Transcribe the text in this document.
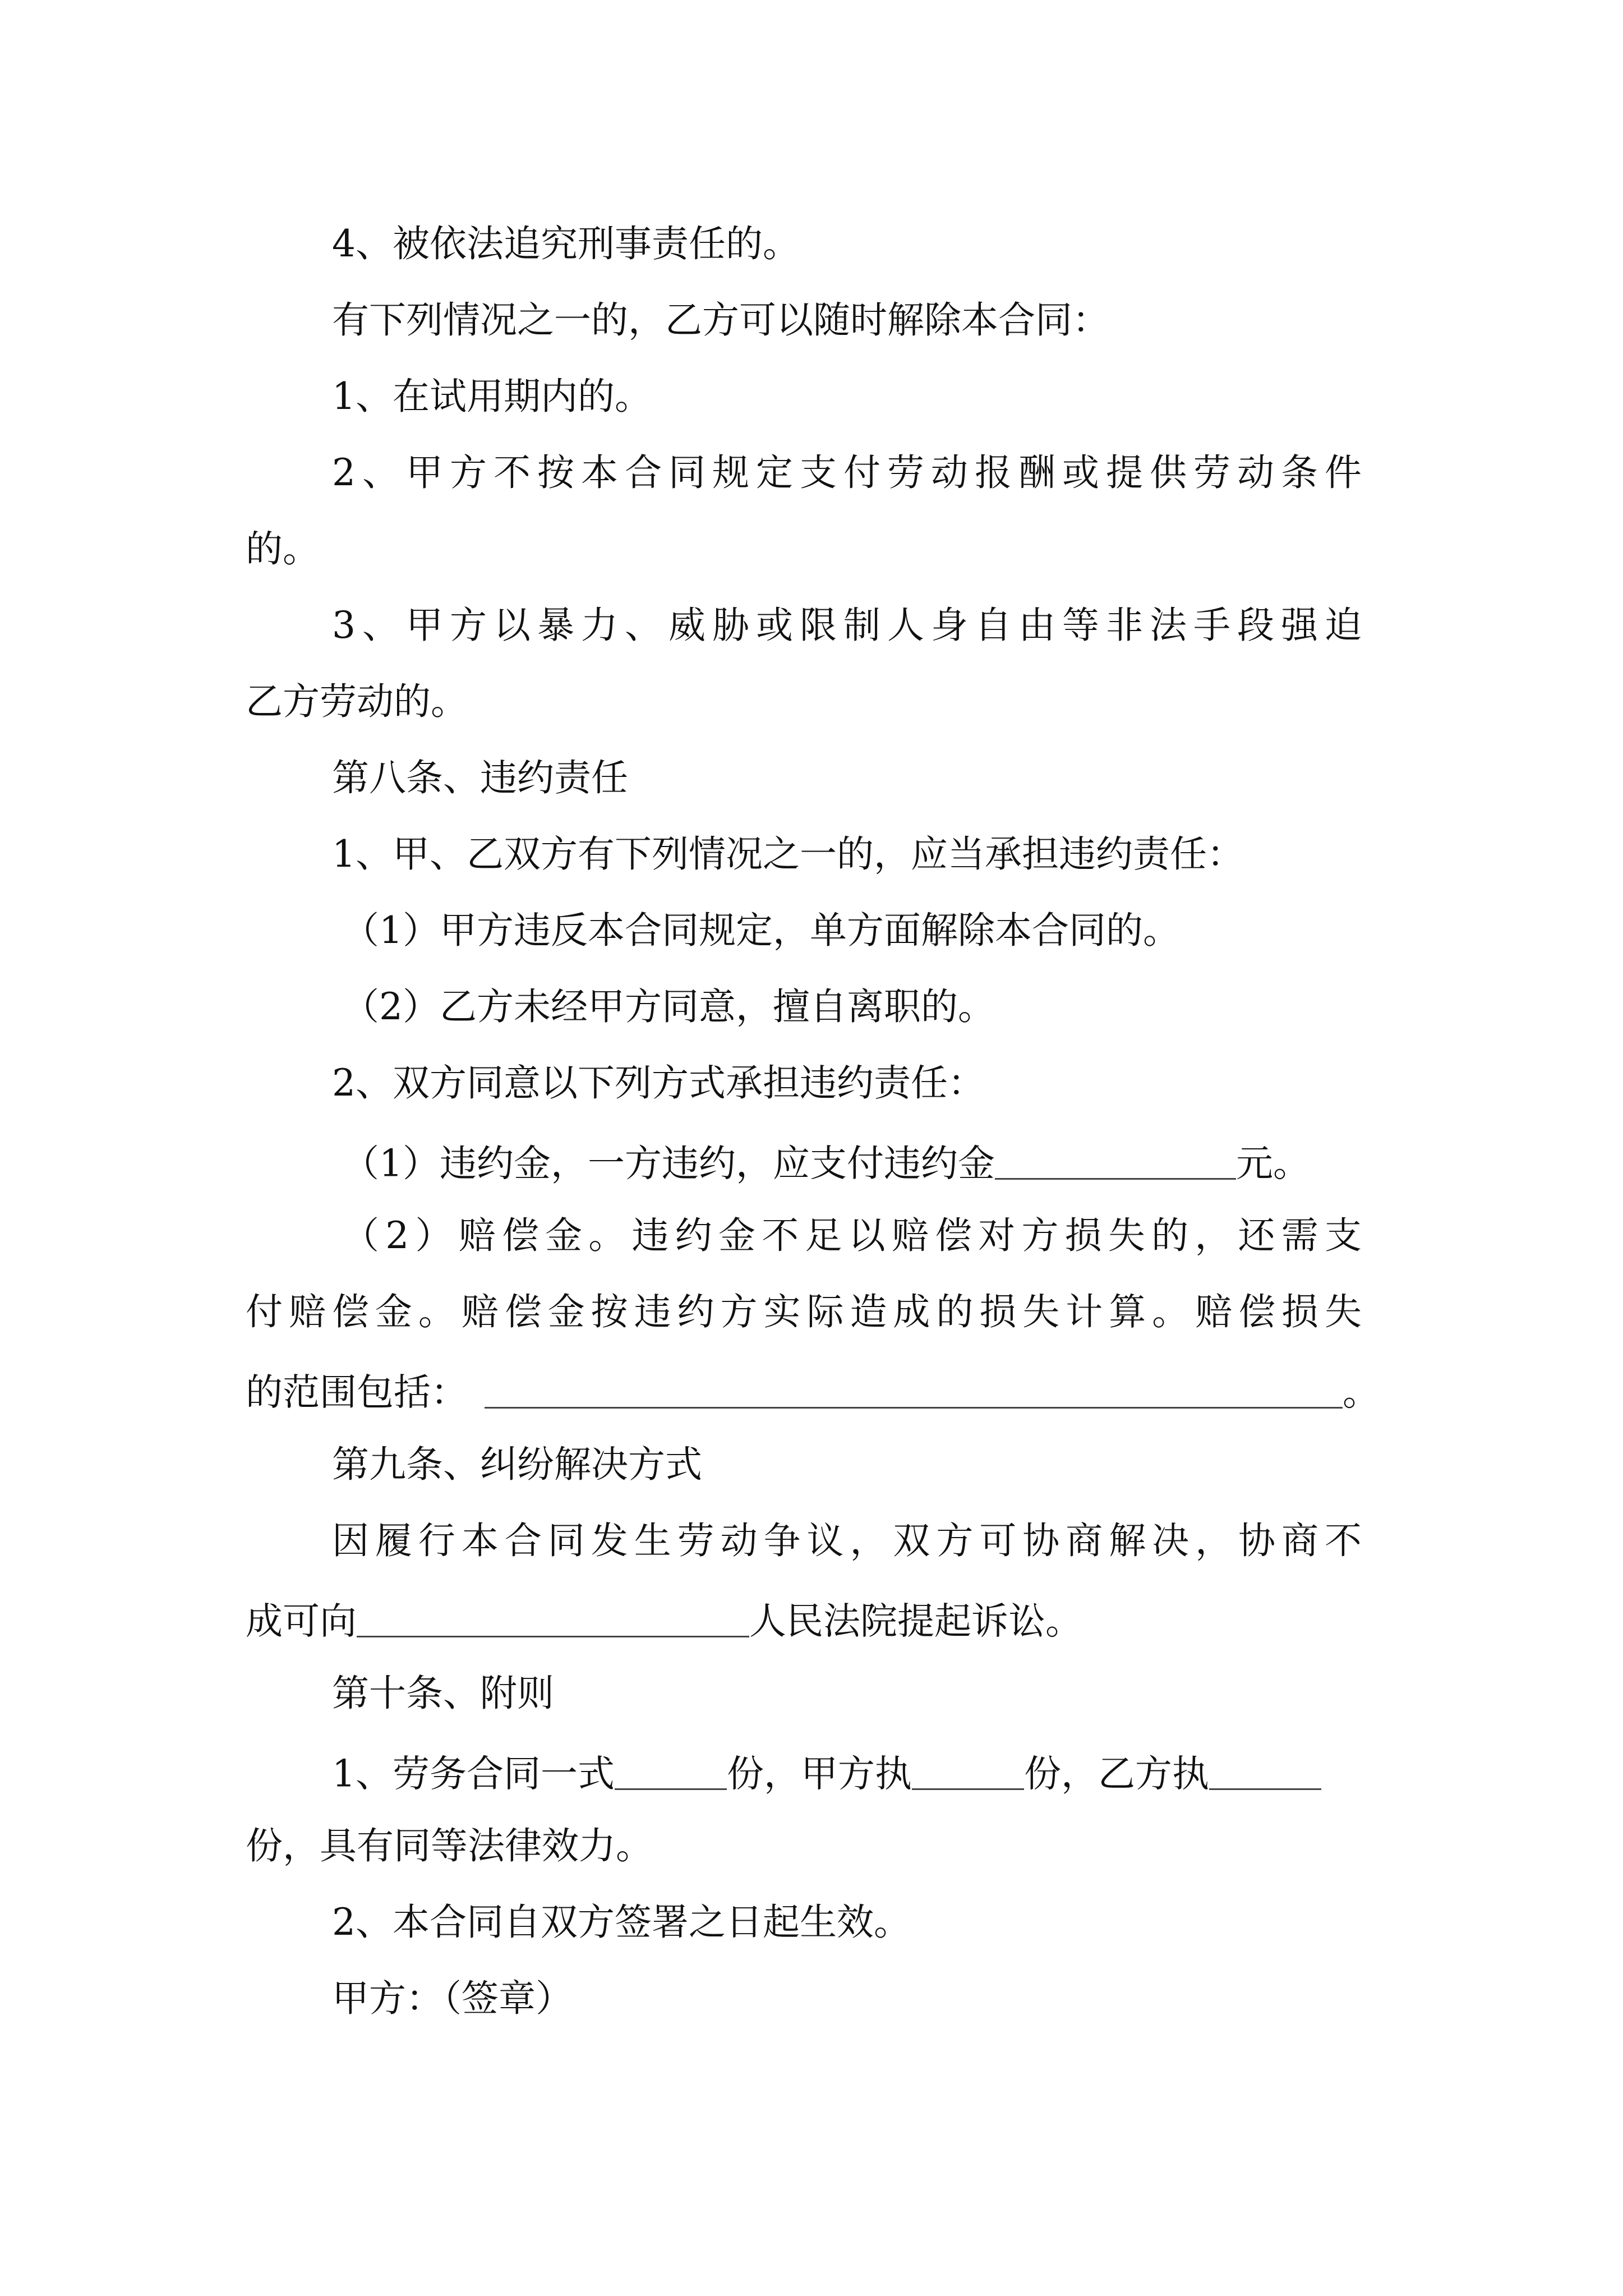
4、被依法追究刑事责任的。
有下列情况之一的，乙方可以随时解除本合同：
1、在试用期内的。
2、甲方不按本合同规定支付劳动报酬或提供劳动条件
的。
3、甲方以暴力、威胁或限制人身自由等非法手段强迫
乙方劳动的。
第八条、违约责任
1、甲、乙双方有下列情况之一的，应当承担违约责任：
（1）甲方违反本合同规定，单方面解除本合同的。
（2）乙方未经甲方同意，擅自离职的。
2、双方同意以下列方式承担违约责任：
（1）违约金，一方违约，应支付违约金	元。
（2）赔偿金。违约金不足以赔偿对方损失的，还需支
付赔偿金。赔偿金按违约方实际造成的损失计算。赔偿损失
的范围包括：	。
第九条、纠纷解决方式
因履行本合同发生劳动争议，双方可协商解决，协商不
成可向	人民法院提起诉讼。
第十条、附则
1、劳务合同一式	份，甲方执	份，乙方执
份，具有同等法律效力。
2、本合同自双方签署之日起生效。
甲方：（签章）
